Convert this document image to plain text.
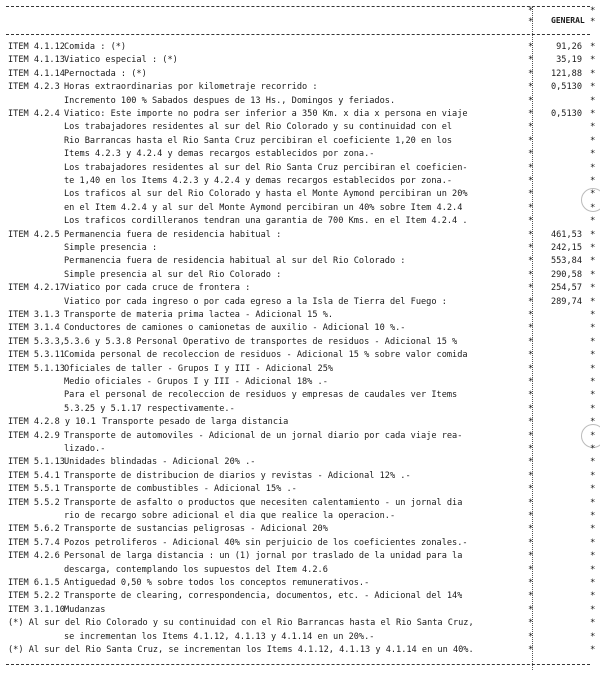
*	*
GENERAL
*	*
ITEM 4.1.12 Comida : (*)	*	91,26 *
ITEM 4.1.13 Viatico especial : (*)	*	35,19 *
ITEM 4.1.14 Pernoctada : (*)	*	121,88 *
ITEM 4.2.3 Horas extraordinarias por kilometraje recorrido :	*	0,5130 *
Incremento 100 % Sabados despues de 13 Hs., Domingos y feriados.	*	*
ITEM 4.2.4 Viatico: Este importe no podra ser inferior a 350 Km. x dia x persona en viaje	*	0,5130 *
Los trabajadores residentes al sur del Rio Colorado y su continuidad con el	*	*
Rio Barrancas hasta el Rio Santa Cruz percibiran el coeficiente 1,20 en los	*	*
Items 4.2.3 y 4.2.4 y demas recargos establecidos por zona.-	*	*
Los trabajadores residentes al sur del Rio Santa Cruz percibiran el coeficien-	*	*
te 1,40 en los Items 4.2.3 y 4.2.4 y demas recargos establecidos por zona.-	*	*
Los traficos al sur del Rio Colorado y hasta el Monte Aymond percibiran un 20%	*	*
en el Item 4.2.4 y al sur del Monte Aymond percibiran un 40% sobre Item 4.2.4	*	*
Los traficos cordilleranos tendran una garantia de 700 Kms. en el Item 4.2.4 .	*	*
ITEM 4.2.5 Permanencia fuera de residencia habitual :	*	461,53 *
Simple presencia :	*	242,15 *
Permanencia fuera de residencia habitual al sur del Rio Colorado :	*	553,84 *
Simple presencia al sur del Rio Colorado :	*	290,58 *
ITEM 4.2.17 Viatico por cada cruce de frontera :	*	254,57 *
Viatico por cada ingreso o por cada egreso a la Isla de Tierra del Fuego :	*	289,74 *
ITEM 3.1.3 Transporte de materia prima lactea - Adicional 15 %.	*	*
ITEM 3.1.4 Conductores de camiones o camionetas de auxilio - Adicional 10 %.-	*	*
ITEM 5.3.3, 5.3.6 y 5.3.8 Personal Operativo de transportes de residuos - Adicional 15 %	*	*
ITEM 5.3.11 Comida personal de recoleccion de residuos - Adicional 15 % sobre valor comida	*	*
ITEM 5.1.13 Oficiales de taller - Grupos I y III - Adicional 25%	*	*
Medio oficiales - Grupos I y III - Adicional 18% .-	*	*
Para el personal de recoleccion de residuos y empresas de caudales ver Items	*	*
5.3.25 y 5.1.17 respectivamente.-	*	*
ITEM 4.2.8 y 10.1 Transporte pesado de larga distancia	*	*
ITEM 4.2.9 Transporte de automoviles - Adicional de un jornal diario por cada viaje rea-	*	*
lizado.-	*	*
ITEM 5.1.13 Unidades blindadas - Adicional 20% .-	*	*
ITEM 5.4.1 Transporte de distribucion de diarios y revistas - Adicional 12% .-	*	*
ITEM 5.5.1 Transporte de combustibles - Adicional 15% .-	*	*
ITEM 5.5.2 Transporte de asfalto o productos que necesiten calentamiento - un jornal dia	*	*
rio de recargo sobre adicional el dia que realice la operacion.-	*	*
ITEM 5.6.2 Transporte de sustancias peligrosas - Adicional 20%	*	*
ITEM 5.7.4 Pozos petroliferos - Adicional 40% sin perjuicio de los coeficientes zonales.-	*	*
ITEM 4.2.6 Personal de larga distancia : un (1) jornal por traslado de la unidad para la	*	*
descarga, contemplando los supuestos del Item 4.2.6	*	*
ITEM 6.1.5 Antiguedad 0,50 % sobre todos los conceptos remunerativos.-	*	*
ITEM 5.2.2 Transporte de clearing, correspondencia, documentos, etc. - Adicional del 14%	*	*
ITEM 3.1.10 Mudanzas	*	*
(*) Al sur del Rio Colorado y su continuidad con el Rio Barrancas hasta el Rio Santa Cruz,	*	*
se incrementan los Items 4.1.12, 4.1.13 y 4.1.14 en un 20%.-	*	*
(*) Al sur del Rio Santa Cruz, se incrementan los Items 4.1.12, 4.1.13 y 4.1.14 en un 40%.	*	*
